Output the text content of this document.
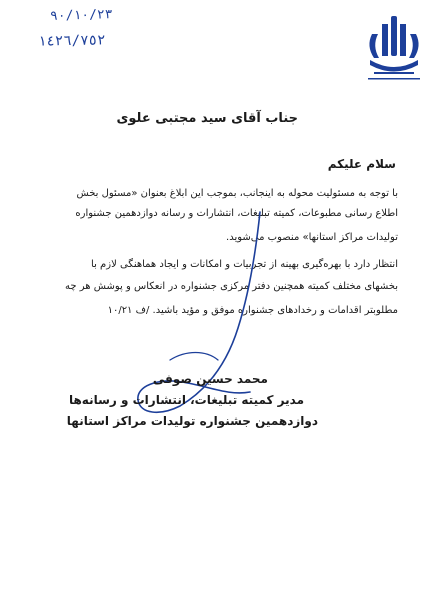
٩٠/١٠/٢٣
١٤٢٦/٧٥٢
جناب آقای سید مجتبی علوی
سلام علیکم
با توجه به مسئولیت محوله به اینجانب، بموجب این ابلاغ بعنوان «مسئول بخش
اطلاع رسانی مطبوعات، کمیته تبلیغات، انتشارات و رسانه دوازدهمین جشنواره
تولیدات مراکز استانها» منصوب می‌شوید.
انتظار دارد با بهره‌گیری بهینه از تجربیات و امکانات و ایجاد هماهنگی لازم با
بخشهای مختلف کمیته همچنین دفتر مرکزی جشنواره در انعکاس و پوشش هر چه
مطلوبتر اقدامات و رخدادهای جشنواره موفق و مؤید باشید. /ف ۱۰/۲۱
محمد حسین صوفی
مدیر کمیته تبلیغات، انتشارات و رسانه‌ها
دوازدهمین جشنواره تولیدات مراکز استانها
